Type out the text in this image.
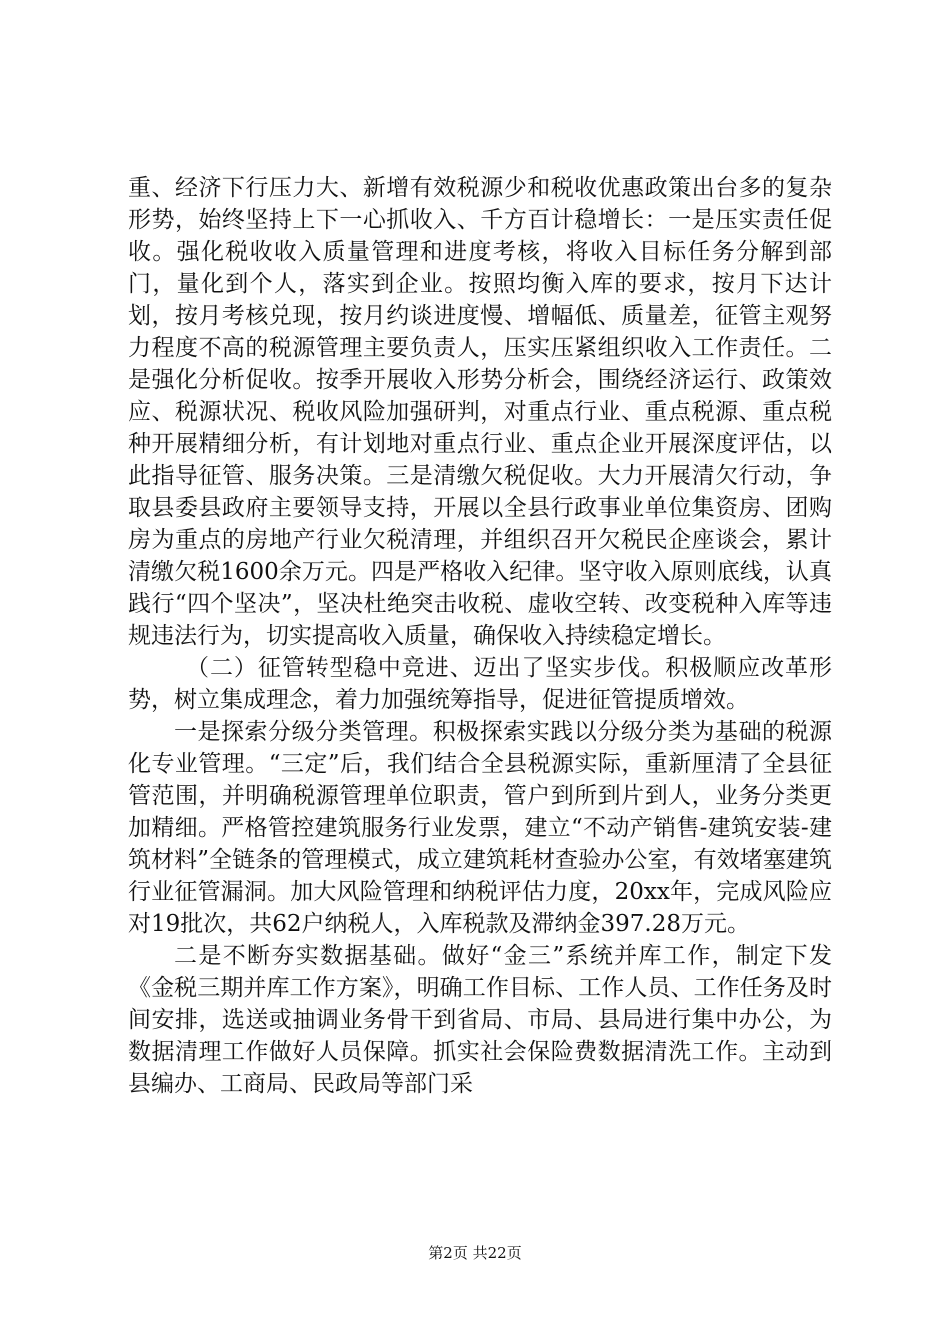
重、经济下行压力大、新增有效税源少和税收优惠政策出台多的复杂形势，始终坚持上下一心抓收入、千方百计稳增长：一是压实责任促收。强化税收收入质量管理和进度考核，将收入目标任务分解到部门，量化到个人，落实到企业。按照均衡入库的要求，按月下达计划，按月考核兑现，按月约谈进度慢、增幅低、质量差，征管主观努力程度不高的税源管理主要负责人，压实压紧组织收入工作责任。二是强化分析促收。按季开展收入形势分析会，围绕经济运行、政策效应、税源状况、税收风险加强研判，对重点行业、重点税源、重点税种开展精细分析，有计划地对重点行业、重点企业开展深度评估，以此指导征管、服务决策。三是清缴欠税促收。大力开展清欠行动，争取县委县政府主要领导支持，开展以全县行政事业单位集资房、团购房为重点的房地产行业欠税清理，并组织召开欠税民企座谈会，累计清缴欠税1600余万元。四是严格收入纪律。坚守收入原则底线，认真践行“四个坚决”，坚决杜绝突击收税、虚收空转、改变税种入库等违规违法行为，切实提高收入质量，确保收入持续稳定增长。

（二）征管转型稳中竞进、迈出了坚实步伐。积极顺应改革形势，树立集成理念，着力加强统筹指导，促进征管提质增效。

一是探索分级分类管理。积极探索实践以分级分类为基础的税源化专业管理。“三定”后，我们结合全县税源实际，重新厘清了全县征管范围，并明确税源管理单位职责，管户到所到片到人，业务分类更加精细。严格管控建筑服务行业发票，建立“不动产销售-建筑安装-建筑材料”全链条的管理模式，成立建筑耗材查验办公室，有效堵塞建筑行业征管漏洞。加大风险管理和纳税评估力度，20xx年，完成风险应对19批次，共62户纳税人，入库税款及滞纳金397.28万元。

二是不断夯实数据基础。做好“金三”系统并库工作，制定下发《金税三期并库工作方案》，明确工作目标、工作人员、工作任务及时间安排，选送或抽调业务骨干到省局、市局、县局进行集中办公，为数据清理工作做好人员保障。抓实社会保险费数据清洗工作。主动到县编办、工商局、民政局等部门采

第2页 共22页
